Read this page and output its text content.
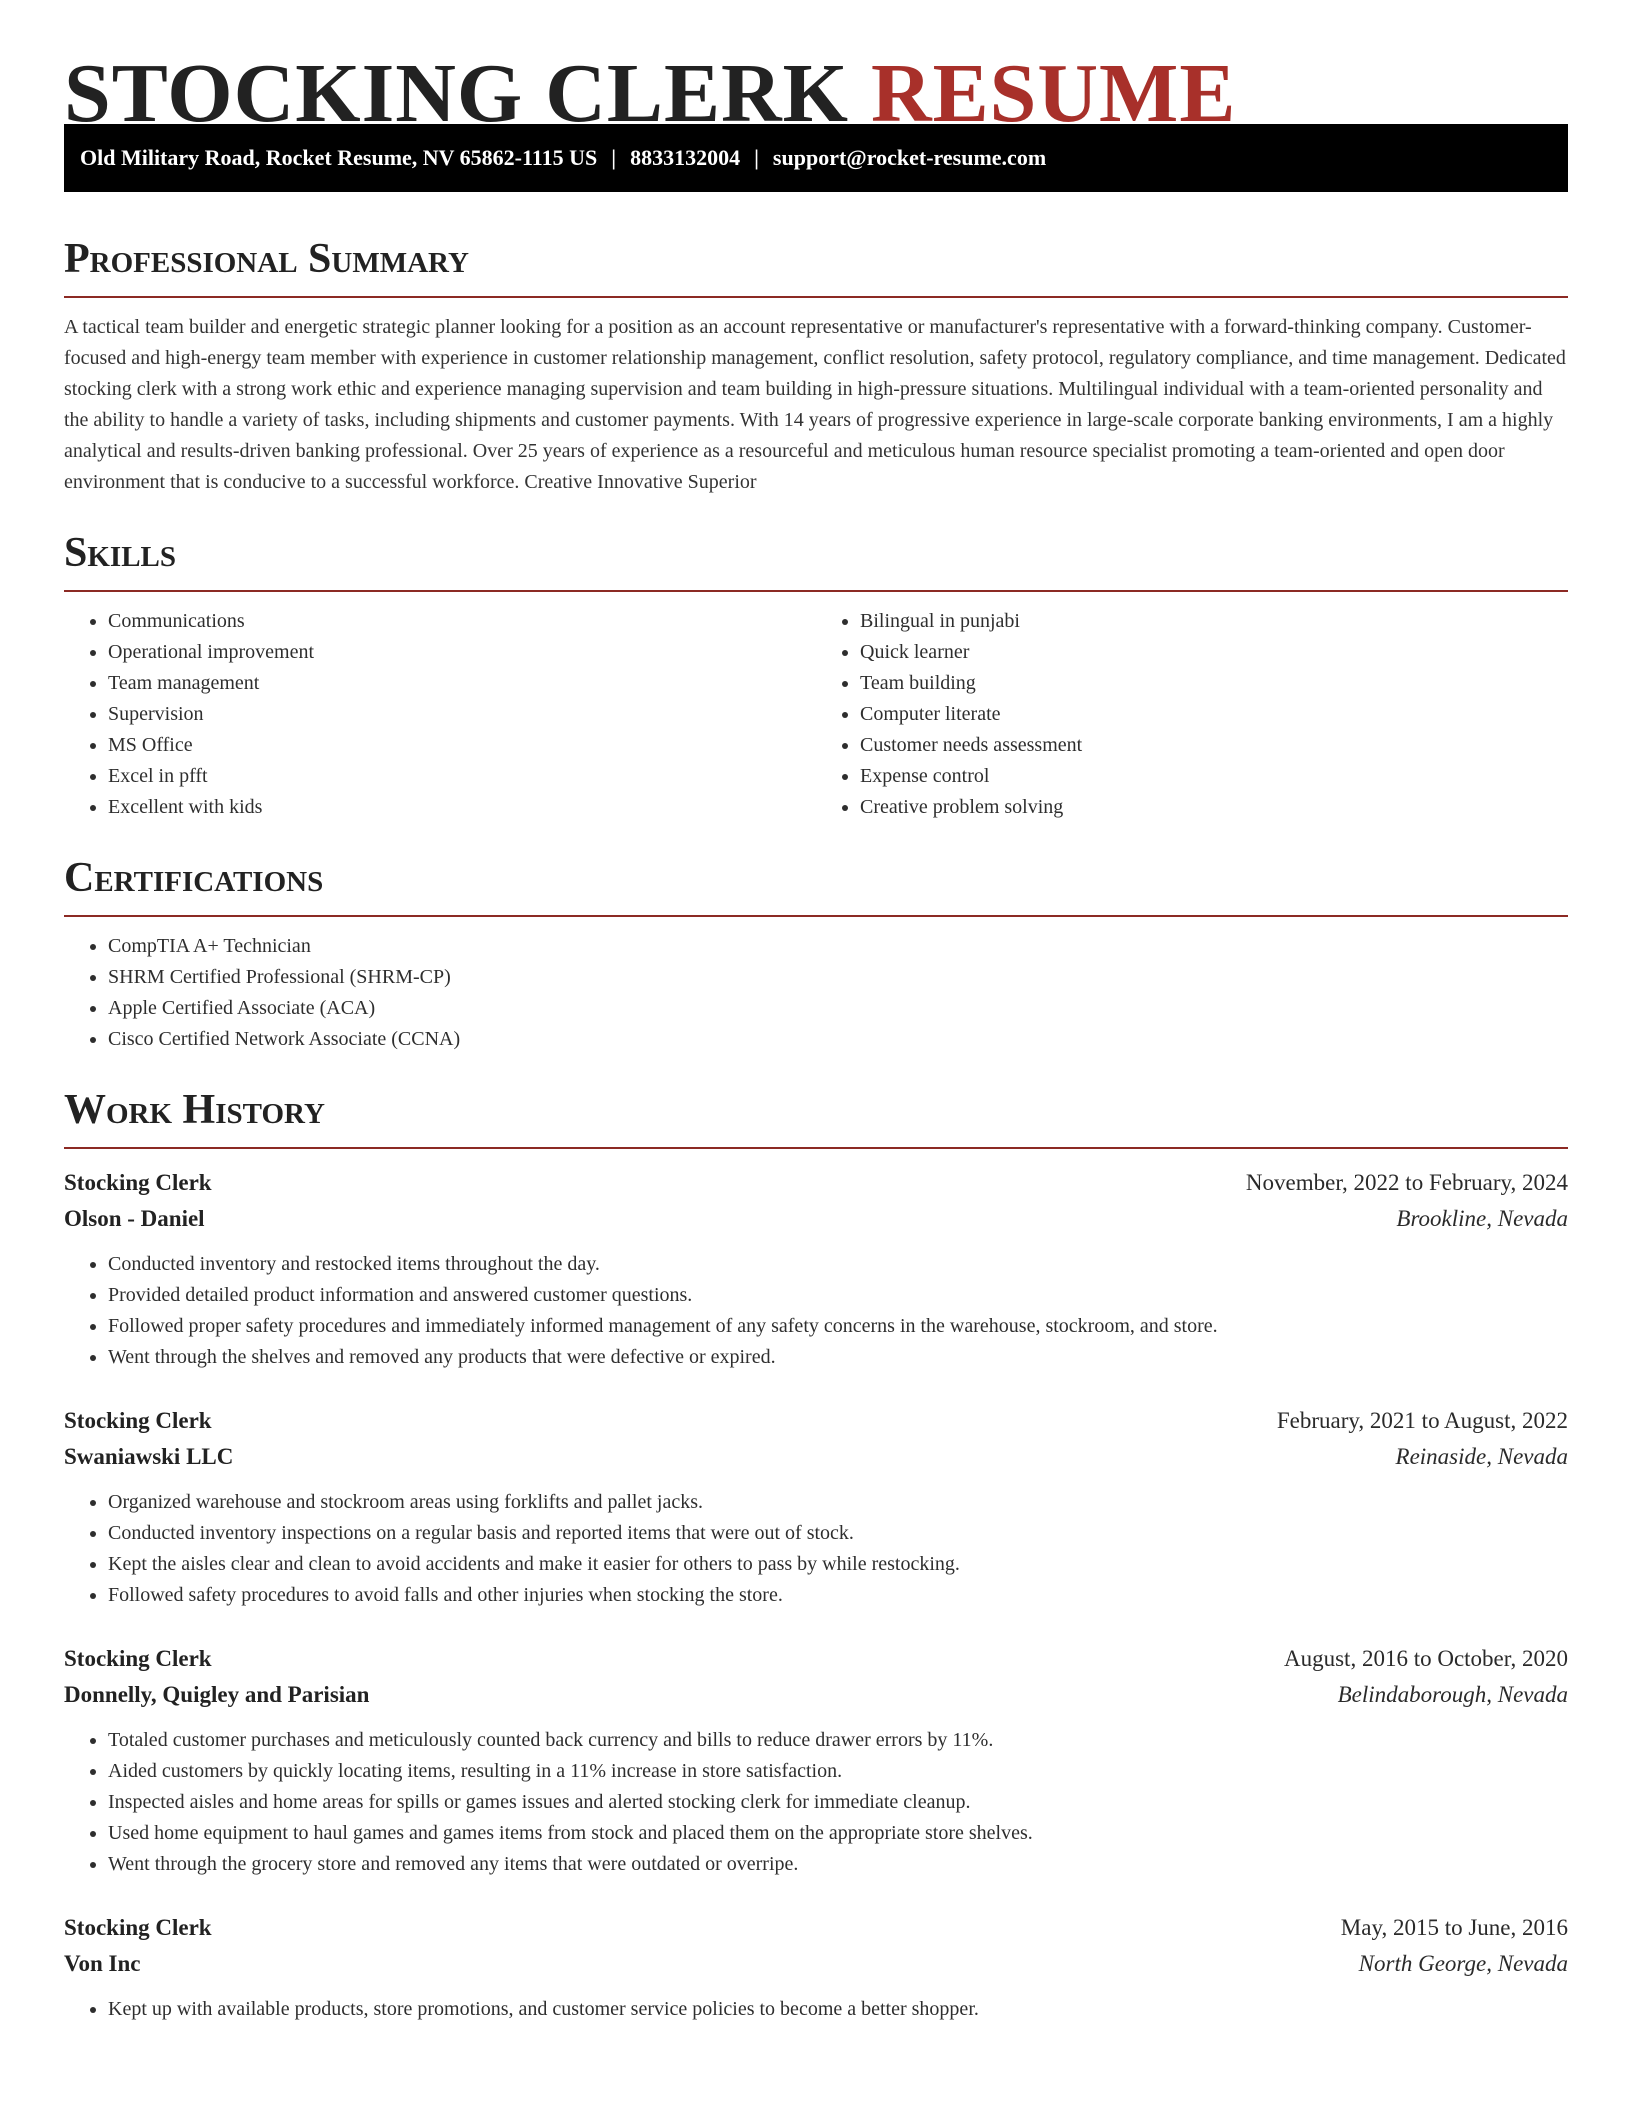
STOCKING CLERK RESUME
Old Military Road, Rocket Resume, NV 65862-1115 US | 8833132004 | support@rocket-resume.com
Professional Summary

A tactical team builder and energetic strategic planner looking for a position as an account representative or manufacturer's representative with a forward-thinking company. Customer-focused and high-energy team member with experience in customer relationship management, conflict resolution, safety protocol, regulatory compliance, and time management. Dedicated stocking clerk with a strong work ethic and experience managing supervision and team building in high-pressure situations. Multilingual individual with a team-oriented personality and the ability to handle a variety of tasks, including shipments and customer payments. With 14 years of progressive experience in large-scale corporate banking environments, I am a highly analytical and results-driven banking professional. Over 25 years of experience as a resourceful and meticulous human resource specialist promoting a team-oriented and open door environment that is conducive to a successful workforce. Creative Innovative Superior

Skills
• Communications
• Operational improvement
• Team management
• Supervision
• MS Office
• Excel in pfft
• Excellent with kids
• Bilingual in punjabi
• Quick learner
• Team building
• Computer literate
• Customer needs assessment
• Expense control
• Creative problem solving
Certifications
• CompTIA A+ Technician
• SHRM Certified Professional (SHRM-CP)
• Apple Certified Associate (ACA)
• Cisco Certified Network Associate (CCNA)
Work History
Stocking Clerk	November, 2022 to February, 2024
Olson - Daniel	Brookline, Nevada
• Conducted inventory and restocked items throughout the day.
• Provided detailed product information and answered customer questions.
• Followed proper safety procedures and immediately informed management of any safety concerns in the warehouse, stockroom, and store.
• Went through the shelves and removed any products that were defective or expired.
Stocking Clerk	February, 2021 to August, 2022
Swaniawski LLC	Reinaside, Nevada
• Organized warehouse and stockroom areas using forklifts and pallet jacks.
• Conducted inventory inspections on a regular basis and reported items that were out of stock.
• Kept the aisles clear and clean to avoid accidents and make it easier for others to pass by while restocking.
• Followed safety procedures to avoid falls and other injuries when stocking the store.
Stocking Clerk	August, 2016 to October, 2020
Donnelly, Quigley and Parisian	Belindaborough, Nevada
• Totaled customer purchases and meticulously counted back currency and bills to reduce drawer errors by 11%.
• Aided customers by quickly locating items, resulting in a 11% increase in store satisfaction.
• Inspected aisles and home areas for spills or games issues and alerted stocking clerk for immediate cleanup.
• Used home equipment to haul games and games items from stock and placed them on the appropriate store shelves.
• Went through the grocery store and removed any items that were outdated or overripe.
Stocking Clerk	May, 2015 to June, 2016
Von Inc	North George, Nevada
• Kept up with available products, store promotions, and customer service policies to become a better shopper.
